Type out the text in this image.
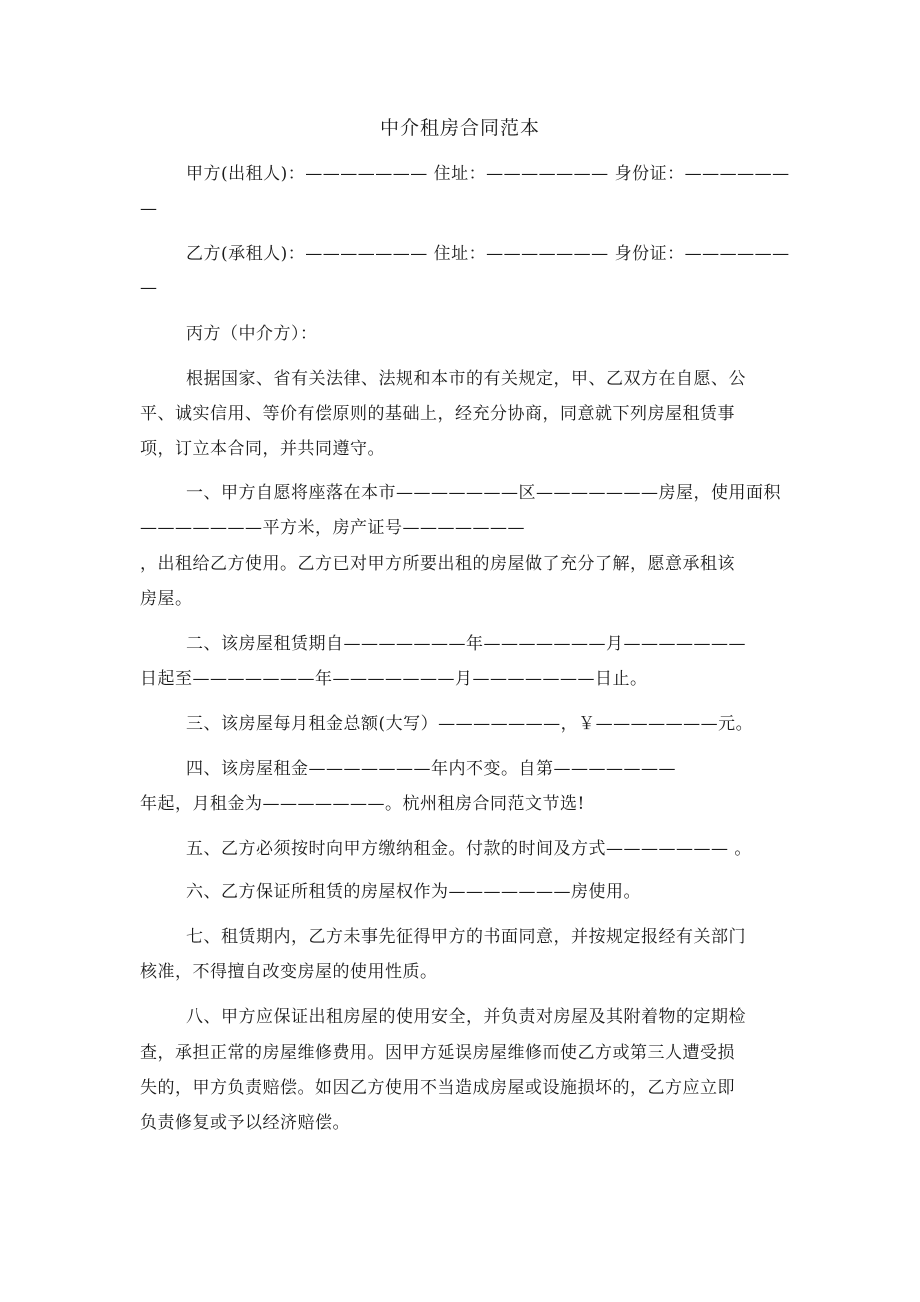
中介租房合同范本

甲方(出租人)：——————— 住址：——————— 身份证：——————

—

乙方(承租人)：——————— 住址：——————— 身份证：——————

—

丙方（中介方）：

根据国家、省有关法律、法规和本市的有关规定，甲、乙双方在自愿、公

平、诚实信用、等价有偿原则的基础上，经充分协商，同意就下列房屋租赁事

项，订立本合同，并共同遵守。

一、甲方自愿将座落在本市———————区———————房屋，使用面积

———————平方米，房产证号———————

，出租给乙方使用。乙方已对甲方所要出租的房屋做了充分了解，愿意承租该

房屋。

二、该房屋租赁期自———————年———————月———————

日起至———————年———————月———————日止。

三、该房屋每月租金总额(大写）———————，￥———————元。

四、该房屋租金———————年内不变。自第———————

年起，月租金为———————。杭州租房合同范文节选!

五、乙方必须按时向甲方缴纳租金。付款的时间及方式——————— 。

六、乙方保证所租赁的房屋权作为———————房使用。

七、租赁期内，乙方未事先征得甲方的书面同意，并按规定报经有关部门

核准，不得擅自改变房屋的使用性质。

八、甲方应保证出租房屋的使用安全，并负责对房屋及其附着物的定期检

查，承担正常的房屋维修费用。因甲方延误房屋维修而使乙方或第三人遭受损

失的，甲方负责赔偿。如因乙方使用不当造成房屋或设施损坏的，乙方应立即

负责修复或予以经济赔偿。
